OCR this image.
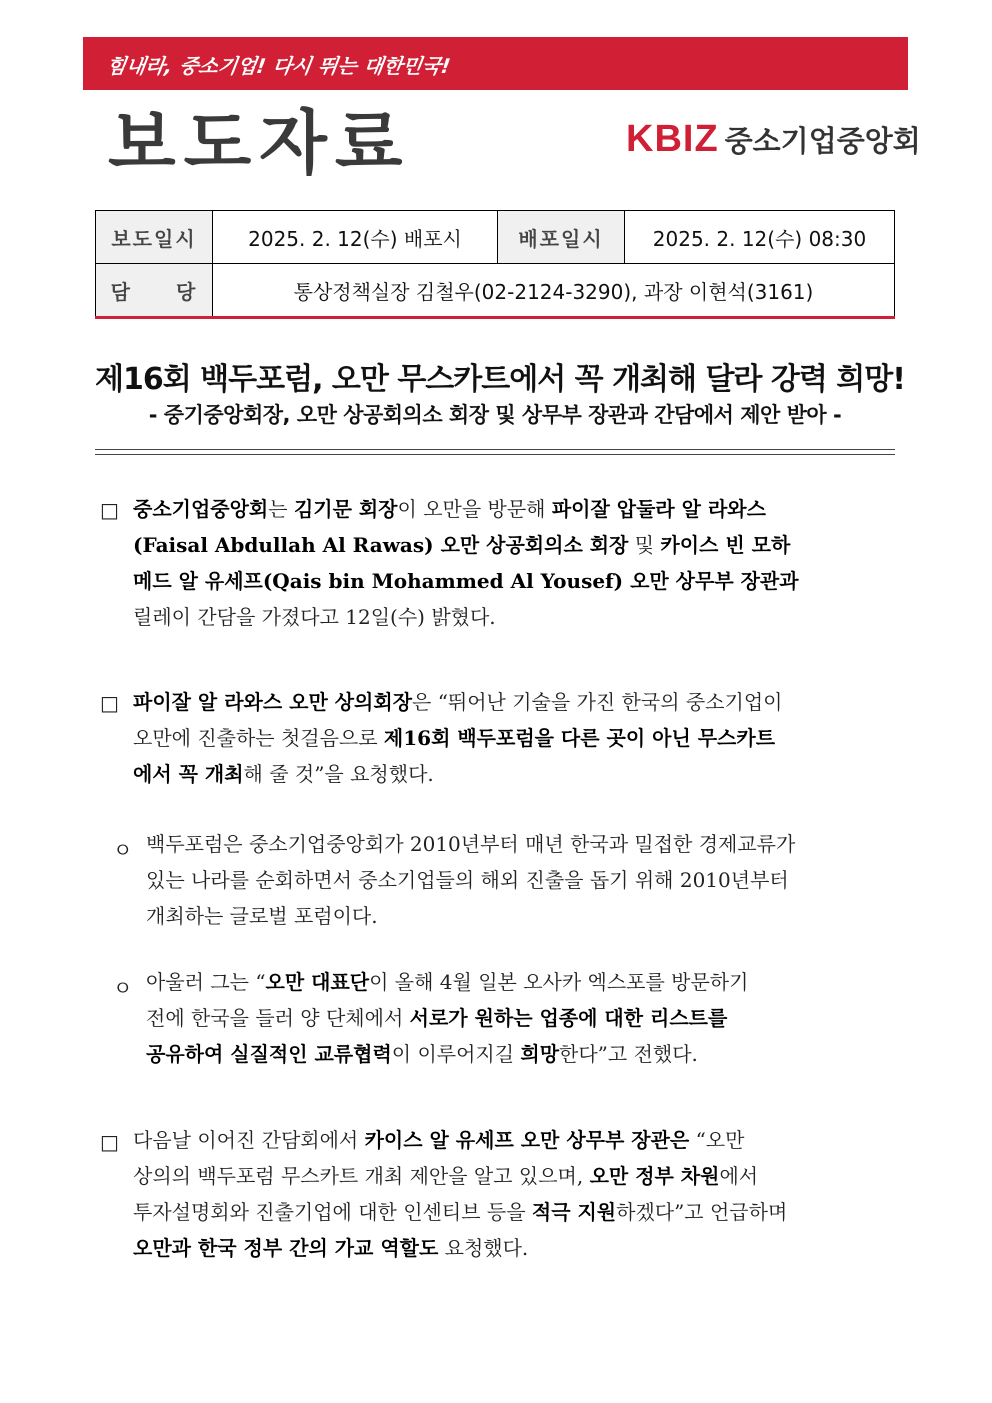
힘내라, 중소기업! 다시 뛰는 대한민국!
보도자료	KBIZ 중소기업중앙회
보도일시	2025. 2. 12(수) 배포시	배포일시	2025. 2. 12(수) 08:30
담　　당	통상정책실장 김철우(02-2124-3290), 과장 이현석(3161)		
제16회 백두포럼, 오만 무스카트에서 꼭 개최해 달라 강력 희망!
- 중기중앙회장, 오만 상공회의소 회장 및 상무부 장관과 간담에서 제안 받아 -
□ 중소기업중앙회는 김기문 회장이 오만을 방문해 파이잘 압둘라 알 라와스
(Faisal Abdullah Al Rawas) 오만 상공회의소 회장 및 카이스 빈 모하
메드 알 유세프(Qais bin Mohammed Al Yousef) 오만 상무부 장관과
릴레이 간담을 가졌다고 12일(수) 밝혔다.
□ 파이잘 알 라와스 오만 상의회장은 “뛰어난 기술을 가진 한국의 중소기업이
오만에 진출하는 첫걸음으로 제16회 백두포럼을 다른 곳이 아닌 무스카트
에서 꼭 개최해 줄 것”을 요청했다.
ㅇ 백두포럼은 중소기업중앙회가 2010년부터 매년 한국과 밀접한 경제교류가
있는 나라를 순회하면서 중소기업들의 해외 진출을 돕기 위해 2010년부터
개최하는 글로벌 포럼이다.
ㅇ 아울러 그는 “오만 대표단이 올해 4월 일본 오사카 엑스포를 방문하기
전에 한국을 들러 양 단체에서 서로가 원하는 업종에 대한 리스트를
공유하여 실질적인 교류협력이 이루어지길 희망한다”고 전했다.
□ 다음날 이어진 간담회에서 카이스 알 유세프 오만 상무부 장관은 “오만
상의의 백두포럼 무스카트 개최 제안을 알고 있으며, 오만 정부 차원에서
투자설명회와 진출기업에 대한 인센티브 등을 적극 지원하겠다”고 언급하며
오만과 한국 정부 간의 가교 역할도 요청했다.
